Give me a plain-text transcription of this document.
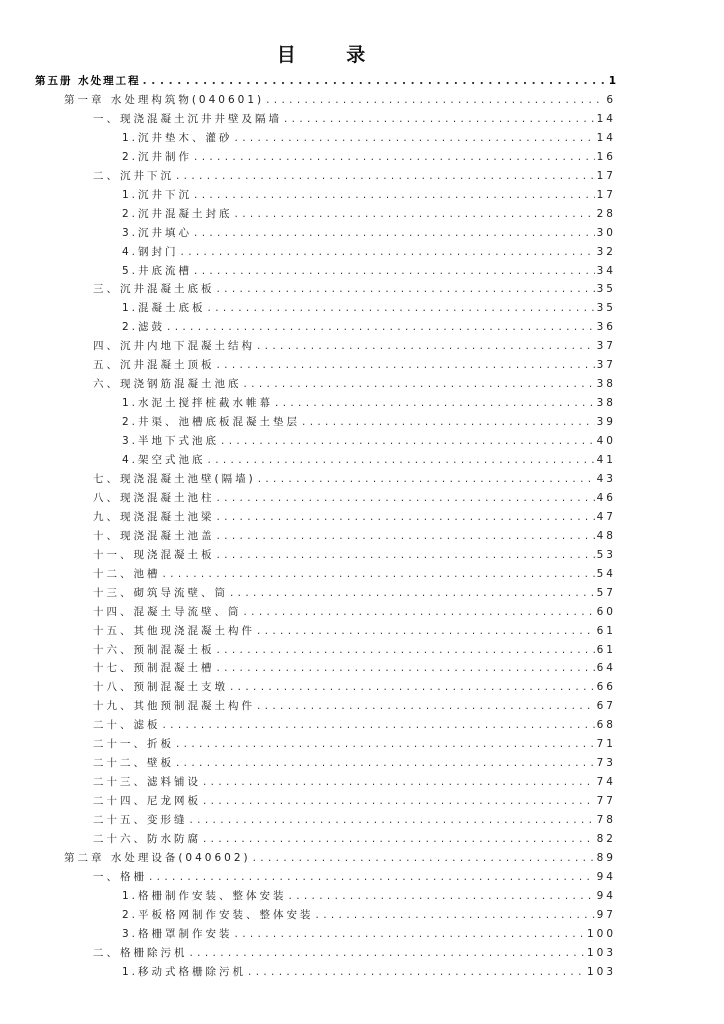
目 录
第五册 水处理工程 . . .	1
第一章 水处理构筑物(040601) . . .	6
一、现浇混凝土沉井井壁及隔墙 . . .	14
1.沉井垫木、灌砂 . . .	14
2.沉井制作 . . .	16
二、沉井下沉 . . .	17
1.沉井下沉 . . .	17
2.沉井混凝土封底 . . .	28
3.沉井填心 . . .	30
4.钢封门 . . .	32
5.井底流槽 . . .	34
三、沉井混凝土底板 . . .	35
1.混凝土底板 . . .	35
2.滤鼓 . . .	36
四、沉井内地下混凝土结构 . . .	37
五、沉井混凝土顶板 . . .	37
六、现浇钢筋混凝土池底 . . .	38
1.水泥土搅拌桩截水帷幕 . . .	38
2.井渠、池槽底板混凝土垫层 . . .	39
3.半地下式池底 . . .	40
4.架空式池底 . . .	41
七、现浇混凝土池壁(隔墙) . . .	43
八、现浇混凝土池柱 . . .	46
九、现浇混凝土池梁 . . .	47
十、现浇混凝土池盖 . . .	48
十一、现浇混凝土板 . . .	53
十二、池槽 . . .	54
十三、砌筑导流壁、筒 . . .	57
十四、混凝土导流壁、筒 . . .	60
十五、其他现浇混凝土构件 . . .	61
十六、预制混凝土板 . . .	61
十七、预制混凝土槽 . . .	64
十八、预制混凝土支墩 . . .	66
十九、其他预制混凝土构件 . . .	67
二十、滤板 . . .	68
二十一、折板 . . .	71
二十二、壁板 . . .	73
二十三、滤料铺设 . . .	74
二十四、尼龙网板 . . .	77
二十五、变形缝 . . .	78
二十六、防水防腐 . . .	82
第二章 水处理设备(040602) . . .	89
一、格栅 . . .	94
1.格栅制作安装、整体安装 . . .	94
2.平板格网制作安装、整体安装 . . .	97
3.格栅罩制作安装 . . .	100
二、格栅除污机 . . .	103
1.移动式格栅除污机 . . .	103
